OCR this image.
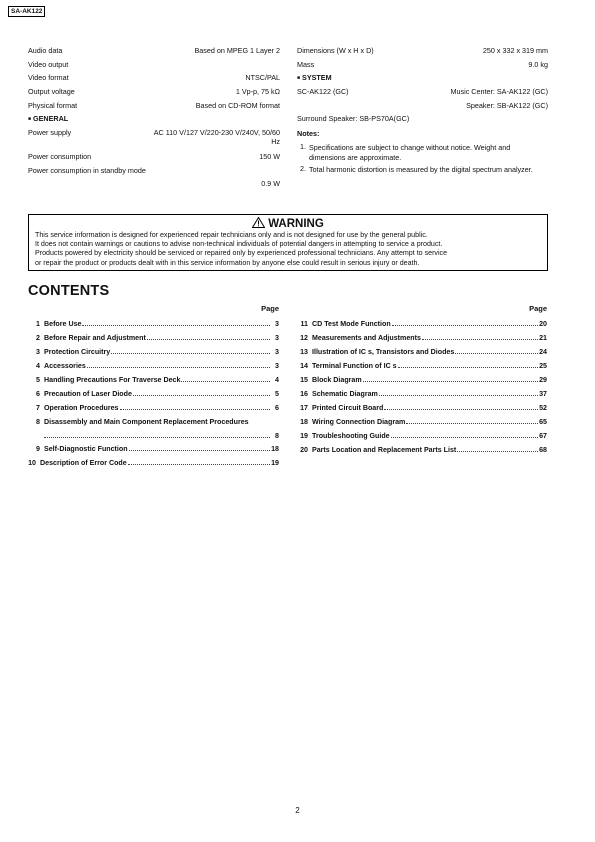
SA-AK122
Audio data	Based on MPEG 1 Layer 2
Video output
Video format	NTSC/PAL
Output voltage	1 Vp-p, 75 kΩ
Physical format	Based on CD-ROM format
■ GENERAL
Power supply	AC 110 V/127 V/220-230 V/240V, 50/60 Hz
Power consumption	150 W
Power consumption in standby mode
0.9 W
Dimensions (W x H x D)	250 x 332 x 319 mm
Mass	9.0 kg
■ SYSTEM
SC-AK122 (GC)	Music Center: SA-AK122 (GC)
Speaker: SB-AK122 (GC)
Surround Speaker: SB-PS70A(GC)
Notes:
1. Specifications are subject to change without notice. Weight and dimensions are approximate.
2. Total harmonic distortion is measured by the digital spectrum analyzer.
WARNING

This service information is designed for experienced repair technicians only and is not designed for use by the general public.

It does not contain warnings or cautions to advise non-technical individuals of potential dangers in attempting to service a product.

Products powered by electricity should be serviced or repaired only by experienced professional technicians. Any attempt to service

or repair the product or products dealt with in this service information by anyone else could result in serious injury or death.

CONTENTS
Page
1 Before Use	3
2 Before Repair and Adjustment	3
3 Protection Circuitry	3
4 Accessories	3
5 Handling Precautions For Traverse Deck	4
6 Precaution of Laser Diode	5
7 Operation Procedures	6
8 Disassembly and Main Component Replacement Procedures
8
9 Self-Diagnostic Function	18
10 Description of Error Code	19
Page
11 CD Test Mode Function	20
12 Measurements and Adjustments	21
13 Illustration of IC s, Transistors and Diodes	24
14 Terminal Function of IC s	25
15 Block Diagram	29
16 Schematic Diagram	37
17 Printed Circuit Board	52
18 Wiring Connection Diagram	65
19 Troubleshooting Guide	67
20 Parts Location and Replacement Parts List	68
2
